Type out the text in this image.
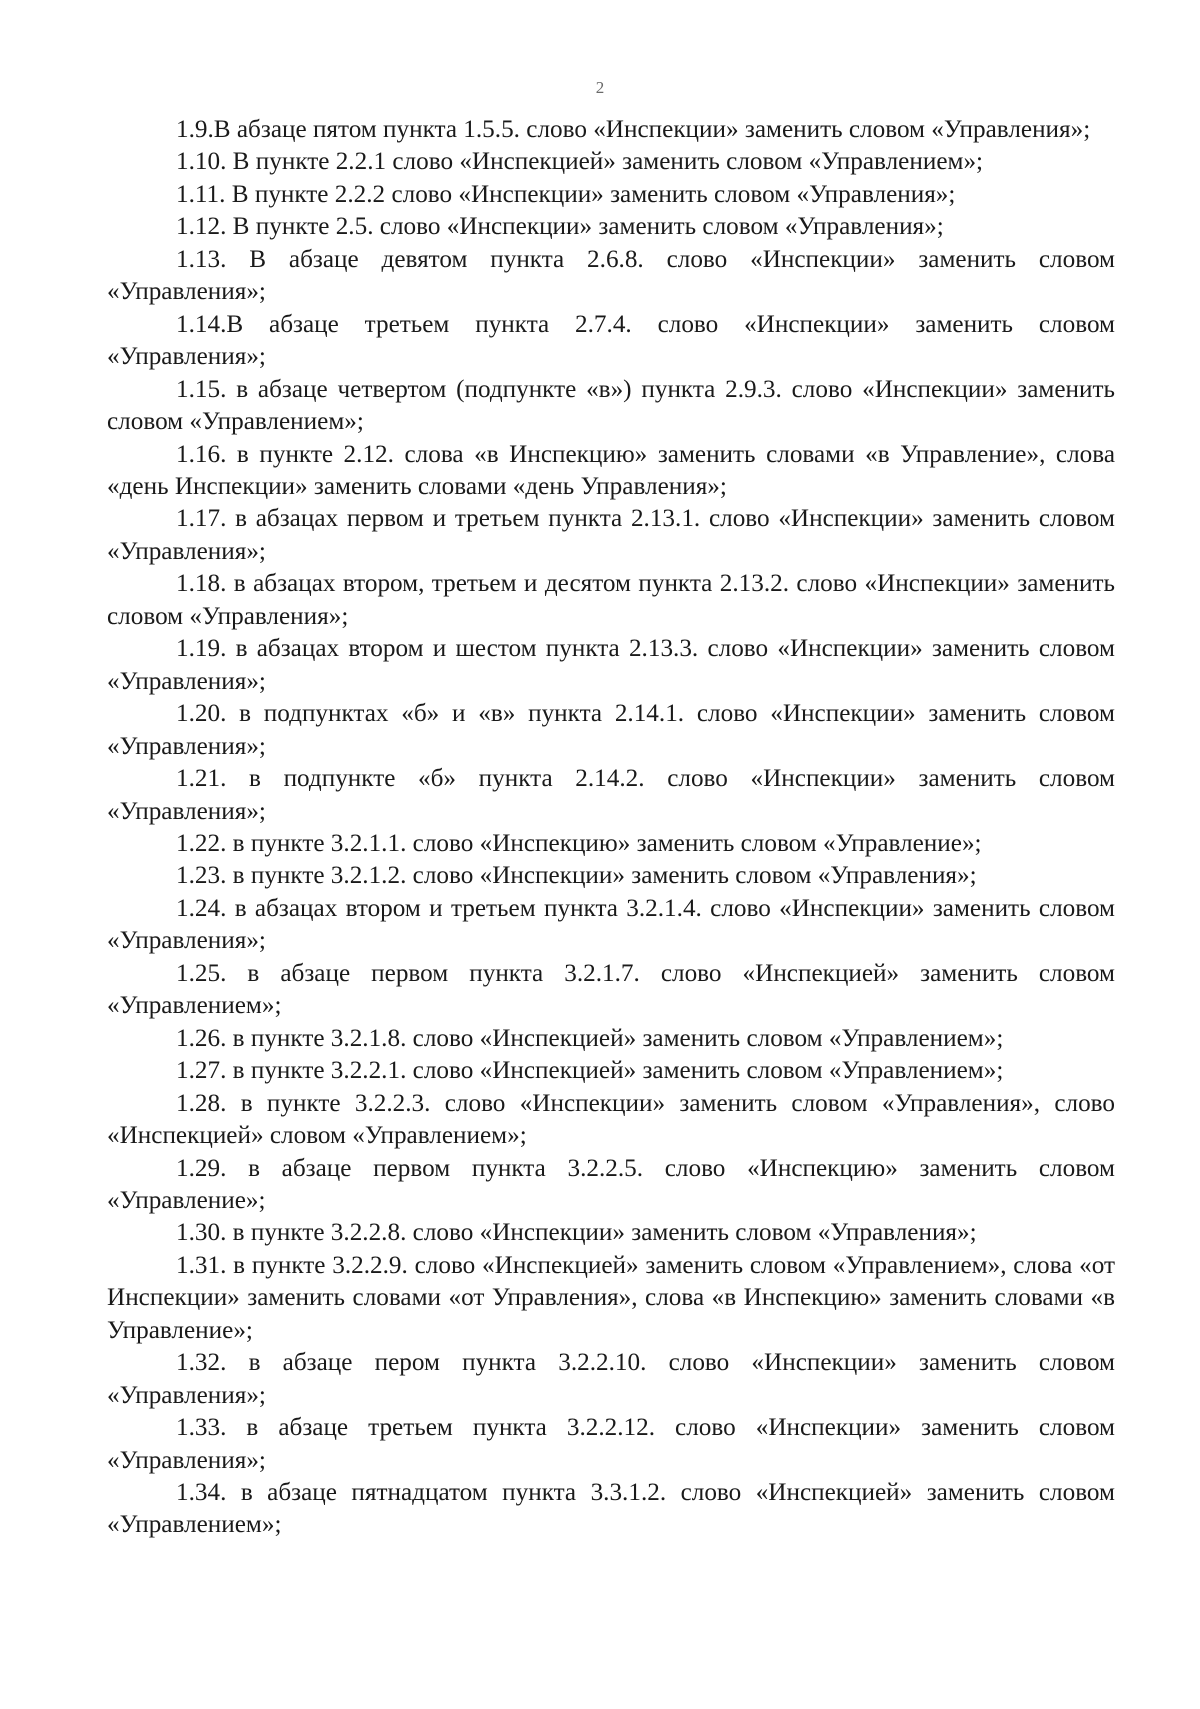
2

1.9.В абзаце пятом пункта 1.5.5. слово «Инспекции» заменить словом «Управления»;

1.10. В пункте 2.2.1 слово «Инспекцией» заменить словом «Управлением»;

1.11. В пункте 2.2.2 слово «Инспекции» заменить словом «Управления»;

1.12. В пункте 2.5. слово «Инспекции» заменить словом «Управления»;

1.13. В абзаце девятом пункта 2.6.8. слово «Инспекции» заменить словом «Управления»;

1.14.В абзаце третьем пункта 2.7.4. слово «Инспекции» заменить словом «Управления»;

1.15. в абзаце четвертом (подпункте «в») пункта 2.9.3. слово «Инспекции» заменить словом «Управлением»;

1.16. в пункте 2.12. слова «в Инспекцию» заменить словами «в Управление», слова «день Инспекции» заменить словами «день Управления»;

1.17. в абзацах первом и третьем пункта 2.13.1. слово «Инспекции» заменить словом «Управления»;

1.18. в абзацах втором, третьем и десятом пункта 2.13.2. слово «Инспекции» заменить словом «Управления»;

1.19. в абзацах втором и шестом пункта 2.13.3. слово «Инспекции» заменить словом «Управления»;

1.20. в подпунктах «б» и «в» пункта 2.14.1. слово «Инспекции» заменить словом «Управления»;

1.21. в подпункте «б» пункта 2.14.2. слово «Инспекции» заменить словом «Управления»;

1.22. в пункте 3.2.1.1. слово «Инспекцию» заменить словом «Управление»;

1.23. в пункте 3.2.1.2. слово «Инспекции» заменить словом «Управления»;

1.24. в абзацах втором и третьем пункта 3.2.1.4. слово «Инспекции» заменить словом «Управления»;

1.25. в абзаце первом пункта 3.2.1.7. слово «Инспекцией» заменить словом «Управлением»;

1.26. в пункте 3.2.1.8. слово «Инспекцией» заменить словом «Управлением»;

1.27. в пункте 3.2.2.1. слово «Инспекцией» заменить словом «Управлением»;

1.28. в пункте 3.2.2.3. слово «Инспекции» заменить словом «Управления», слово «Инспекцией» словом «Управлением»;

1.29. в абзаце первом пункта 3.2.2.5. слово «Инспекцию» заменить словом «Управление»;

1.30. в пункте 3.2.2.8. слово «Инспекции» заменить словом «Управления»;

1.31. в пункте 3.2.2.9. слово «Инспекцией» заменить словом «Управлением», слова «от Инспекции» заменить словами «от Управления», слова «в Инспекцию» заменить словами «в Управление»;

1.32. в абзаце пером пункта 3.2.2.10. слово «Инспекции» заменить словом «Управления»;

1.33. в абзаце третьем пункта 3.2.2.12. слово «Инспекции» заменить словом «Управления»;

1.34. в абзаце пятнадцатом пункта 3.3.1.2. слово «Инспекцией» заменить словом «Управлением»;
